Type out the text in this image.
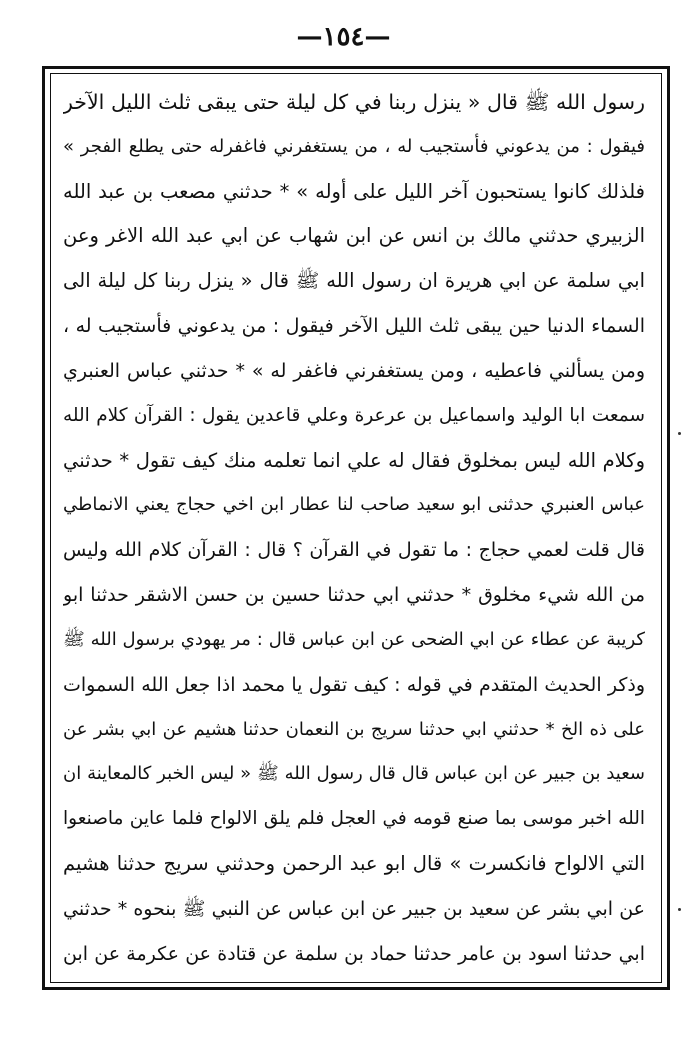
—١٥٤—
رسول الله ﷺ قال « ينزل ربنا في كل ليلة حتى يبقى ثلث الليل الآخر
فيقول : من يدعوني فأستجيب له ، من يستغفرني فاغفرله حتى يطلع الفجر »
فلذلك كانوا يستحبون آخر الليل على أوله » * حدثني مصعب بن عبد الله
الزبيري حدثني مالك بن انس عن ابن شهاب عن ابي عبد الله الاغر وعن
ابي سلمة عن ابي هريرة ان رسول الله ﷺ قال « ينزل ربنا كل ليلة الى
السماء الدنيا حين يبقى ثلث الليل الآخر فيقول : من يدعوني فأستجيب له ،
ومن يسألني فاعطيه ، ومن يستغفرني فاغفر له » * حدثني عباس العنبري
سمعت ابا الوليد واسماعيل بن عرعرة وعلي قاعدين يقول : القرآن كلام الله
وكلام الله ليس بمخلوق فقال له علي انما تعلمه منك كيف تقول * حدثني
عباس العنبري حدثنى ابو سعيد صاحب لنا عطار ابن اخي حجاج يعني الانماطي
قال قلت لعمي حجاج : ما تقول في القرآن ؟ قال : القرآن كلام الله وليس
من الله شيء مخلوق * حدثني ابي حدثنا حسين بن حسن الاشقر حدثنا ابو
كريبة عن عطاء عن ابي الضحى عن ابن عباس قال : مر يهودي برسول الله ﷺ
وذكر الحديث المتقدم في قوله : كيف تقول يا محمد اذا جعل الله السموات
على ذه الخ * حدثني ابي حدثنا سريج بن النعمان حدثنا هشيم عن ابي بشر عن
سعيد بن جبير عن ابن عباس قال قال رسول الله ﷺ « ليس الخبر كالمعاينة ان
الله اخبر موسى بما صنع قومه في العجل فلم يلق الالواح فلما عاين ماصنعوا
التي الالواح فانكسرت » قال ابو عبد الرحمن وحدثني سريج حدثنا هشيم
عن ابي بشر عن سعيد بن جبير عن ابن عباس عن النبي ﷺ بنحوه * حدثني
ابي حدثنا اسود بن عامر حدثنا حماد بن سلمة عن قتادة عن عكرمة عن ابن
